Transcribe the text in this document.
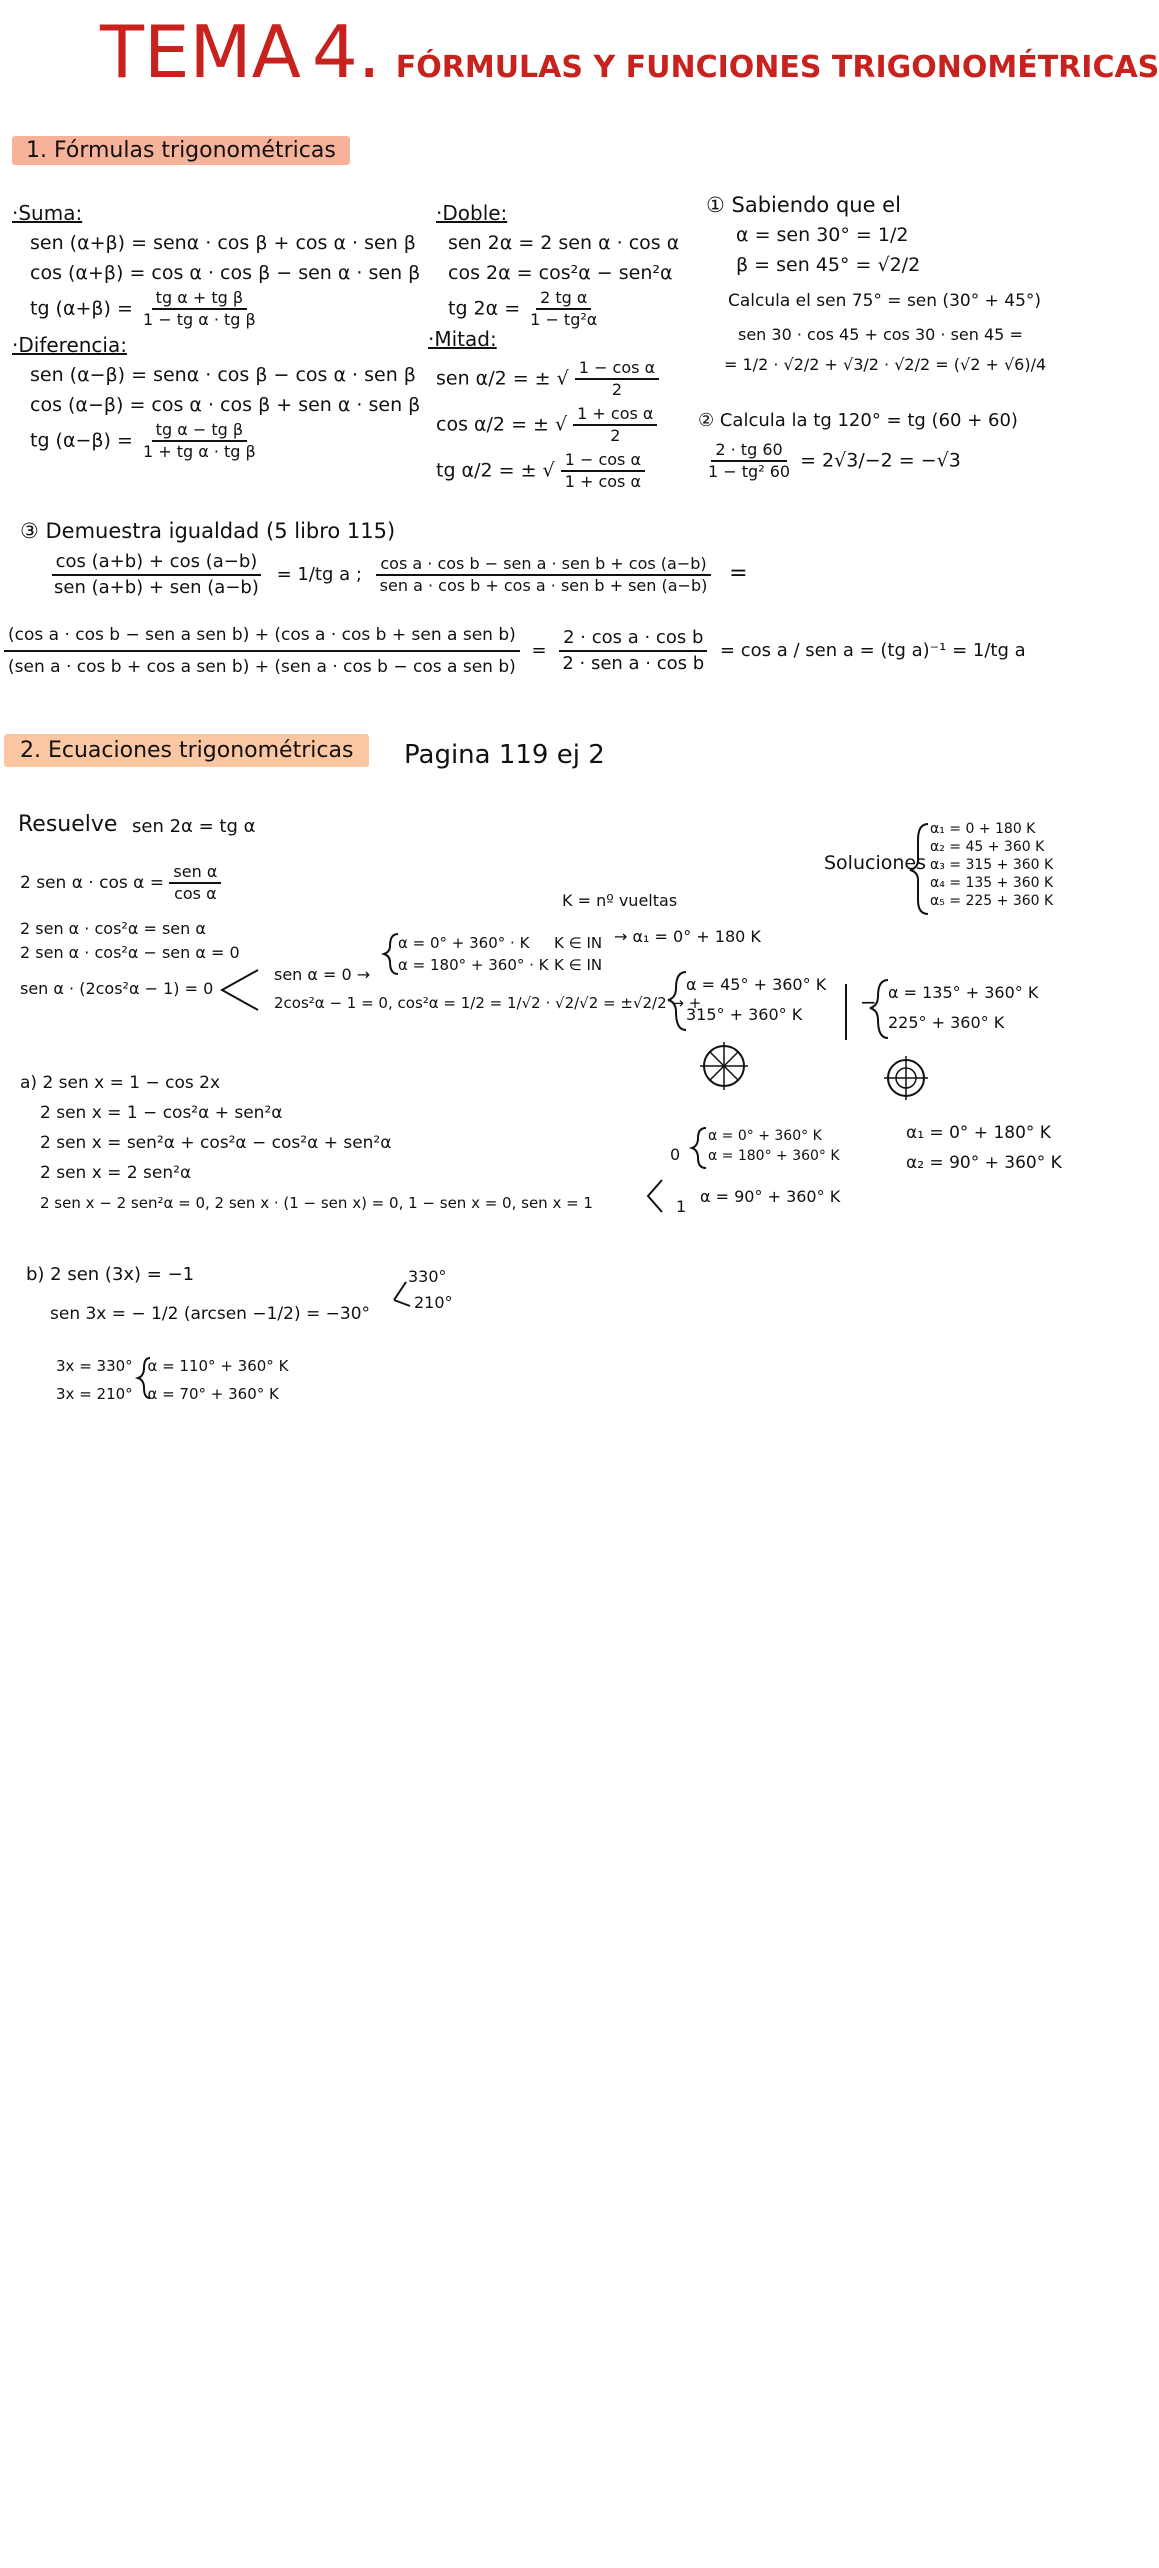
TEMA 4. FÓRMULAS Y FUNCIONES TRIGONOMÉTRICAS
1. Fórmulas trigonométricas
·Suma:
sen (α+β) = senα · cos β + cos α · sen β
cos (α+β) = cos α · cos β − sen α · sen β
tg $(\alpha+\beta) = \frac{\text{tg α + tg β}}{\text{1 − tg α · tg β}}$
·Diferencia:
sen (α−β) = senα · cos β − cos α · sen β
cos (α−β) = cos α · cos β + sen α · sen β
tg $(\alpha-\beta) = \frac{\text{tg α − tg β}}{\text{1 + tg α · tg β}}$
·Doble:
sen 2α = 2 sen α · cos α
cos 2α = cos²α − sen²α
tg $2\alpha = \frac{\text{2 tg α}}{\text{1 − tg²α}}$
·Mitad:
sen α/2 = ± √ $\frac{\text{1 − cos α}}{2}$
cos α/2 = ± √ $\frac{\text{1 + cos α}}{2}$
tg α/2 = ± √ $\frac{\text{1 − cos α}}{\text{1 + cos α}}$
① Sabiendo que el
α = sen 30° = 1/2
β = sen 45° = √2/2
Calcula el sen 75° = sen (30° + 45°)
sen 30 · cos 45 + cos 30 · sen 45 =
= 1/2 · √2/2 + √3/2 · √2/2 = (√2 + √6)/4
② Calcula la tg 120° = tg (60 + 60)
$\frac{2 \cdot tg 60}{\text{1 − tg² 60}} = 2√3/-2 = -√3$
③ Demuestra igualdad (5 libro 115)
$\frac{\cos (a+b) + \cos (a-b)}{\text{sen (a+b) + sen (a−b)}} = 1/tg$ a ; $\frac{\text{cos a · cos b − sen a · sen b + cos (a−b)}}{\text{sen a · cos b + cos a · sen b + sen (a−b)}}$ =
(cos a · cos b − sen a sen b) + (cos a · cos b + sen a sen b)
(sen a · cos b + cos a sen b) + (sen a · cos b − cos a sen b)
= $\frac{\text{2 · cos a · cos b}}{\text{2 · sen a · cos b}} = \cos a$ / sen a = (tg a)⁻¹ = 1/tg a
2. Ecuaciones trigonométricas	Pagina 119 ej 2
Resuelve sen 2α = tg α
2 sen $\alpha \cdot \cos \alpha = \frac{\text{sen α}}{\text{cos α}}$
2 sen α · cos²α = sen α
2 sen α · cos²α − sen α = 0
sen α · (2cos²α − 1) = 0
K = nº vueltas
sen α = 0 →
α = 0° + 360° · K
α = 180° + 360° · K
K ∈ IN
K ∈ IN
→ α₁ = 0° + 180 K
2cos²α − 1 = 0, cos²α = 1/2 = 1/√2 · √2/√2 = ±√2/2 → +
α = 45° + 360° K
315° + 360° K
− α = 135° + 360° K
225° + 360° K
Soluciones
α₁ = 0 + 180 K
α₂ = 45 + 360 K
α₃ = 315 + 360 K
α₄ = 135 + 360 K
α₅ = 225 + 360 K
a) 2 sen x = 1 − cos 2x
2 sen x = 1 − cos²α + sen²α
2 sen x = sen²α + cos²α − cos²α + sen²α
2 sen x = 2 sen²α
2 sen x − 2 sen²α = 0, 2 sen x · (1 − sen x) = 0, 1 − sen x = 0, sen x = 1
0
α = 0° + 360° K
α = 180° + 360° K
1
α = 90° + 360° K
α₁ = 0° + 180° K
α₂ = 90° + 360° K
b) 2 sen (3x) = −1
sen 3x = − 1/2 (arcsen −1/2) = −30°
330°
210°
3x = 330° α = 110° + 360° K
3x = 210° α = 70° + 360° K
